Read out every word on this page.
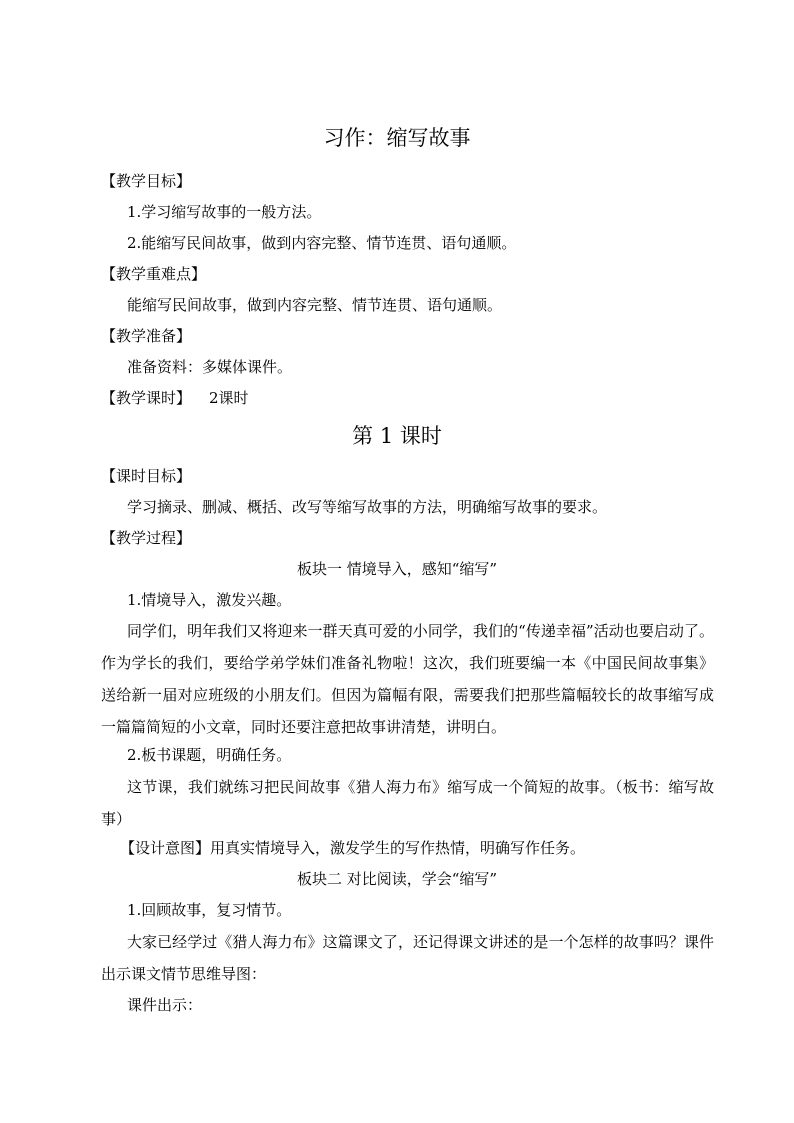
习作：缩写故事
【教学目标】
1.学习缩写故事的一般方法。
2.能缩写民间故事，做到内容完整、情节连贯、语句通顺。
【教学重难点】
能缩写民间故事，做到内容完整、情节连贯、语句通顺。
【教学准备】
准备资料：多媒体课件。
【教学课时】 2课时
第 1 课时
【课时目标】
学习摘录、删减、概括、改写等缩写故事的方法，明确缩写故事的要求。
【教学过程】
板块一 情境导入，感知“缩写”
1.情境导入，激发兴趣。
同学们，明年我们又将迎来一群天真可爱的小同学，我们的“传递幸福”活动也要启动了。作为学长的我们，要给学弟学妹们准备礼物啦！这次，我们班要编一本《中国民间故事集》送给新一届对应班级的小朋友们。但因为篇幅有限，需要我们把那些篇幅较长的故事缩写成一篇篇简短的小文章，同时还要注意把故事讲清楚，讲明白。
2.板书课题，明确任务。
这节课，我们就练习把民间故事《猎人海力布》缩写成一个简短的故事。（板书：缩写故事）
【设计意图】用真实情境导入，激发学生的写作热情，明确写作任务。
板块二 对比阅读，学会“缩写”
1.回顾故事，复习情节。
大家已经学过《猎人海力布》这篇课文了，还记得课文讲述的是一个怎样的故事吗？课件出示课文情节思维导图：
课件出示：
